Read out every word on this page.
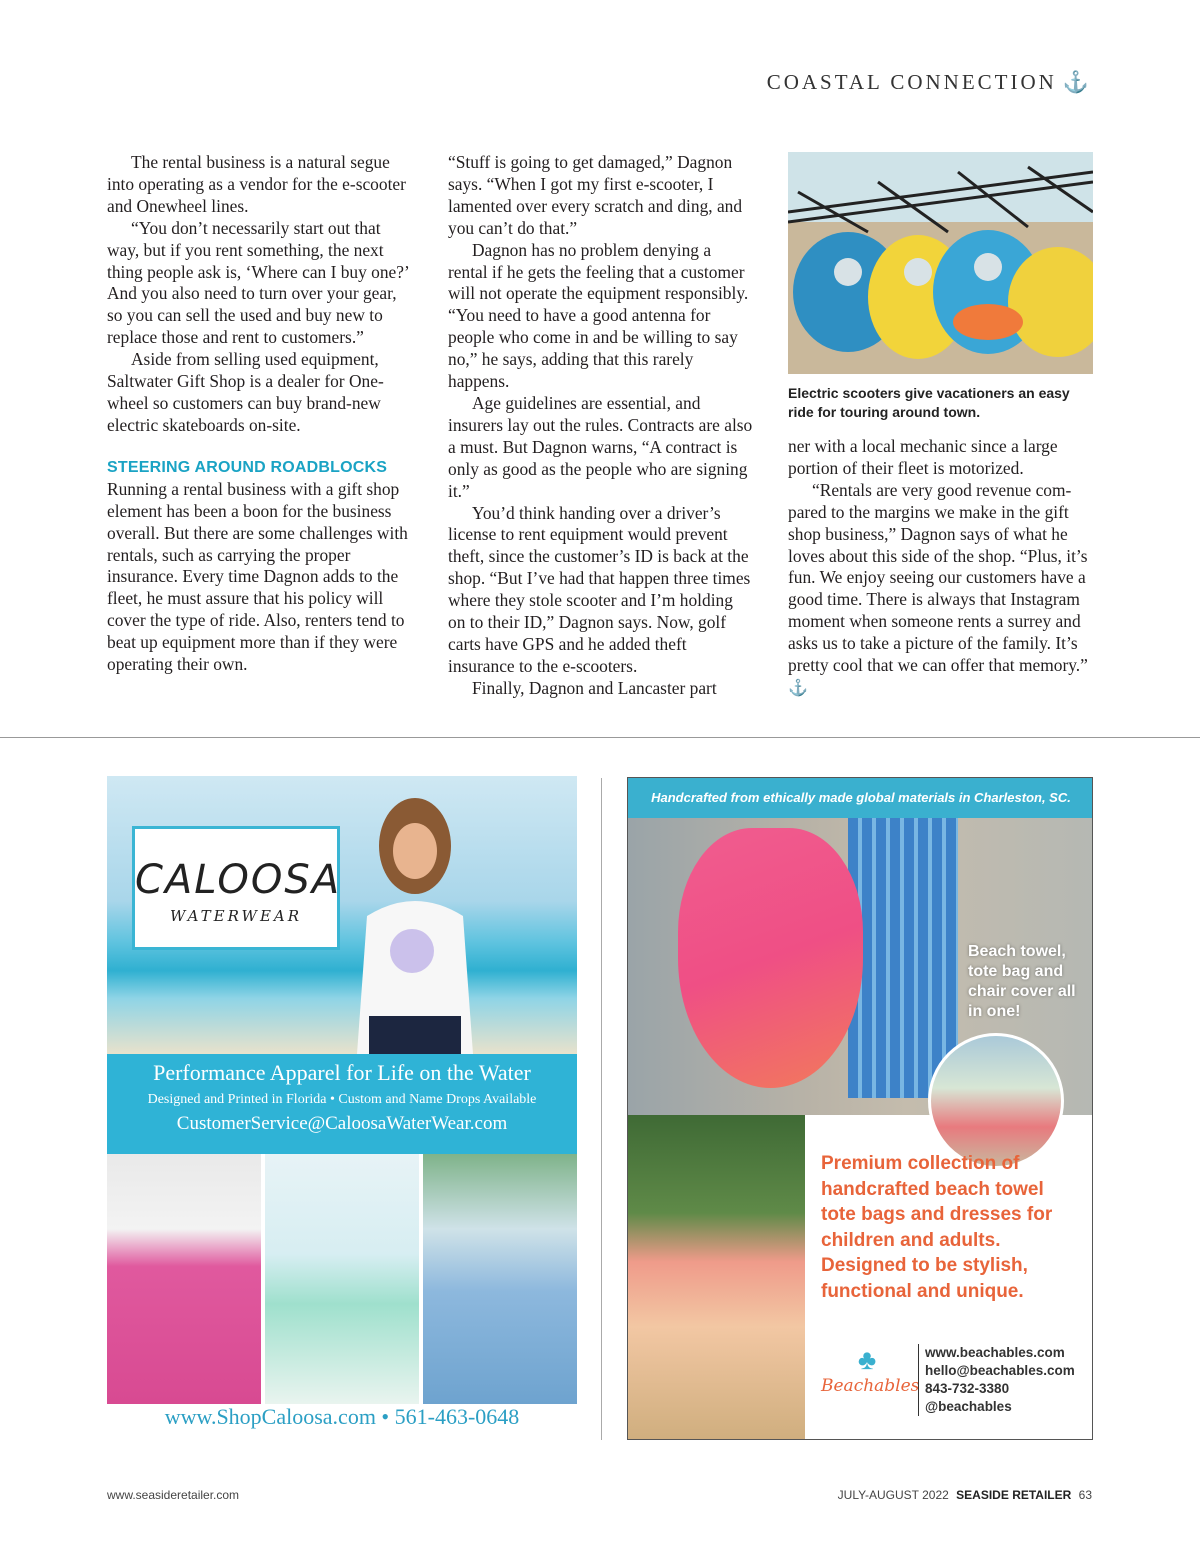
COASTAL CONNECTION ⚓

The rental business is a natural segue into operating as a vendor for the e-scooter and Onewheel lines.

“You don’t necessarily start out that way, but if you rent something, the next thing people ask is, ‘Where can I buy one?’ And you also need to turn over your gear, so you can sell the used and buy new to replace those and rent to customers.”

Aside from selling used equipment, Saltwater Gift Shop is a dealer for Onewheel so customers can buy brand-new electric skateboards on-site.

STEERING AROUND ROADBLOCKS

Running a rental business with a gift shop element has been a boon for the business overall. But there are some challenges with rentals, such as carrying the proper insurance. Every time Dagnon adds to the fleet, he must assure that his policy will cover the type of ride. Also, renters tend to beat up equipment more than if they were operating their own.

“Stuff is going to get damaged,” Dagnon says. “When I got my first e-scooter, I lamented over every scratch and ding, and you can’t do that.”

Dagnon has no problem denying a rental if he gets the feeling that a customer will not operate the equipment responsibly. “You need to have a good antenna for people who come in and be willing to say no,” he says, adding that this rarely happens.

Age guidelines are essential, and insurers lay out the rules. Contracts are also a must. But Dagnon warns, “A contract is only as good as the people who are signing it.”

You’d think handing over a driver’s license to rent equipment would prevent theft, since the customer’s ID is back at the shop. “But I’ve had that happen three times where they stole scooter and I’m holding on to their ID,” Dagnon says. Now, golf carts have GPS and he added theft insurance to the e-scooters.

Finally, Dagnon and Lancaster part

Electric scooters give vacationers an easy ride for touring around town.

ner with a local mechanic since a large portion of their fleet is motorized.

“Rentals are very good revenue compared to the margins we make in the gift shop business,” Dagnon says of what he loves about this side of the shop. “Plus, it’s fun. We enjoy seeing our customers have a good time. There is always that Instagram moment when someone rents a surrey and asks us to take a picture of the family. It’s pretty cool that we can offer that memory.” ⚓

CALOOSA
WATERWEAR
Performance Apparel for Life on the Water
Designed and Printed in Florida • Custom and Name Drops Available
CustomerService@CaloosaWaterWear.com
www.ShopCaloosa.com • 561-463-0648
Handcrafted from ethically made global materials in Charleston, SC.
Beach towel, tote bag and chair cover all in one!
Premium collection of handcrafted beach towel tote bags and dresses for children and adults. Designed to be stylish, functional and unique.
♣
Beachables
www.beachables.com
hello@beachables.com
843-732-3380
@beachables
www.seasideretailer.com	JULY-AUGUST 2022 SEASIDE RETAILER 63
